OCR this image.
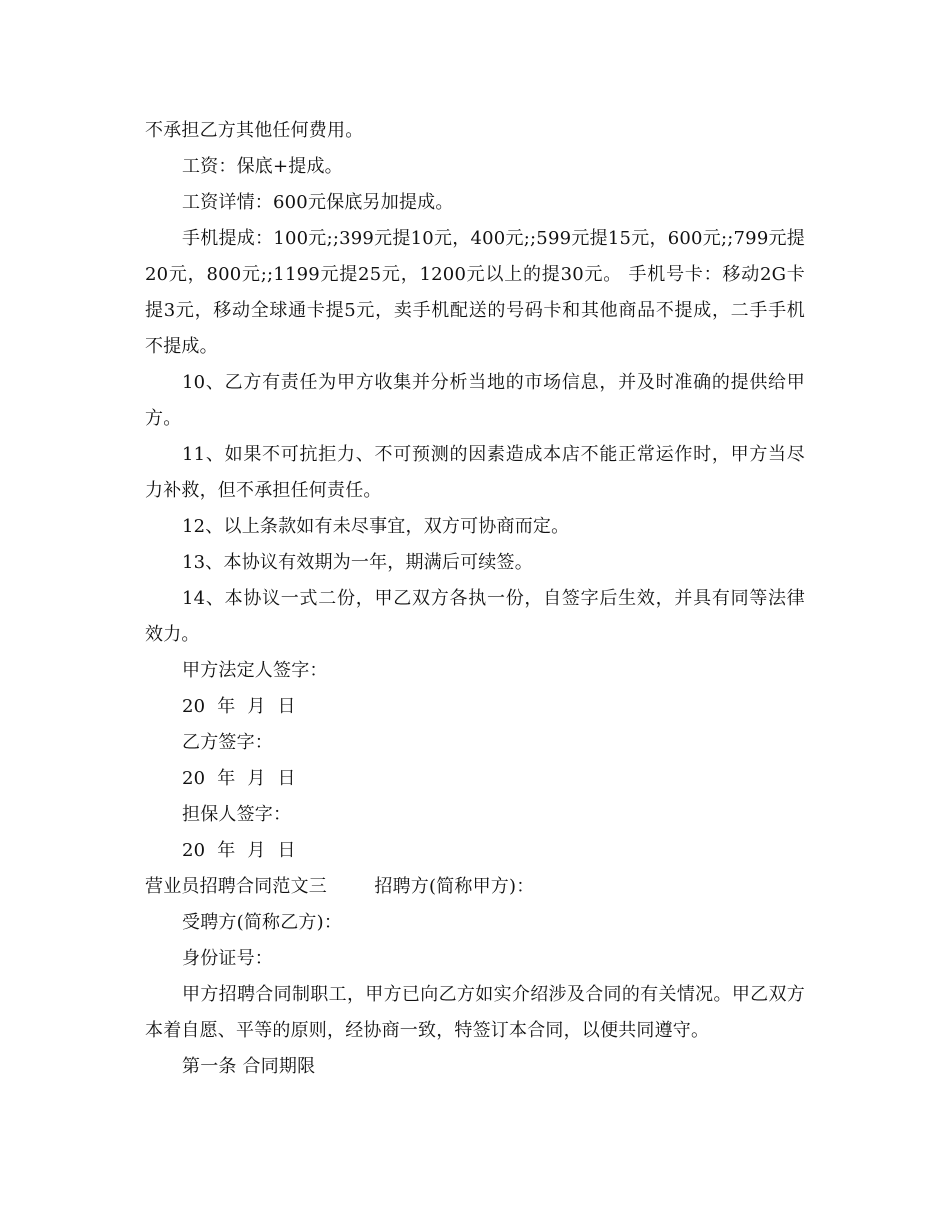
不承担乙方其他任何费用。

工资：保底+提成。

工资详情：600元保底另加提成。

手机提成：100元;;399元提10元，400元;;599元提15元，600元;;799元提20元，800元;;1199元提25元，1200元以上的提30元。 手机号卡：移动2G卡提3元，移动全球通卡提5元，卖手机配送的号码卡和其他商品不提成，二手手机不提成。

10、乙方有责任为甲方收集并分析当地的市场信息，并及时准确的提供给甲方。

11、如果不可抗拒力、不可预测的因素造成本店不能正常运作时，甲方当尽力补救，但不承担任何责任。

12、以上条款如有未尽事宜，双方可协商而定。

13、本协议有效期为一年，期满后可续签。

14、本协议一式二份，甲乙双方各执一份，自签字后生效，并具有同等法律效力。

甲方法定人签字：

20 年 月 日

乙方签字：

20 年 月 日

担保人签字：

20 年 月 日

营业员招聘合同范文三        招聘方(简称甲方)：

受聘方(简称乙方)：

身份证号：

甲方招聘合同制职工，甲方已向乙方如实介绍涉及合同的有关情况。甲乙双方本着自愿、平等的原则，经协商一致，特签订本合同，以便共同遵守。

第一条 合同期限
